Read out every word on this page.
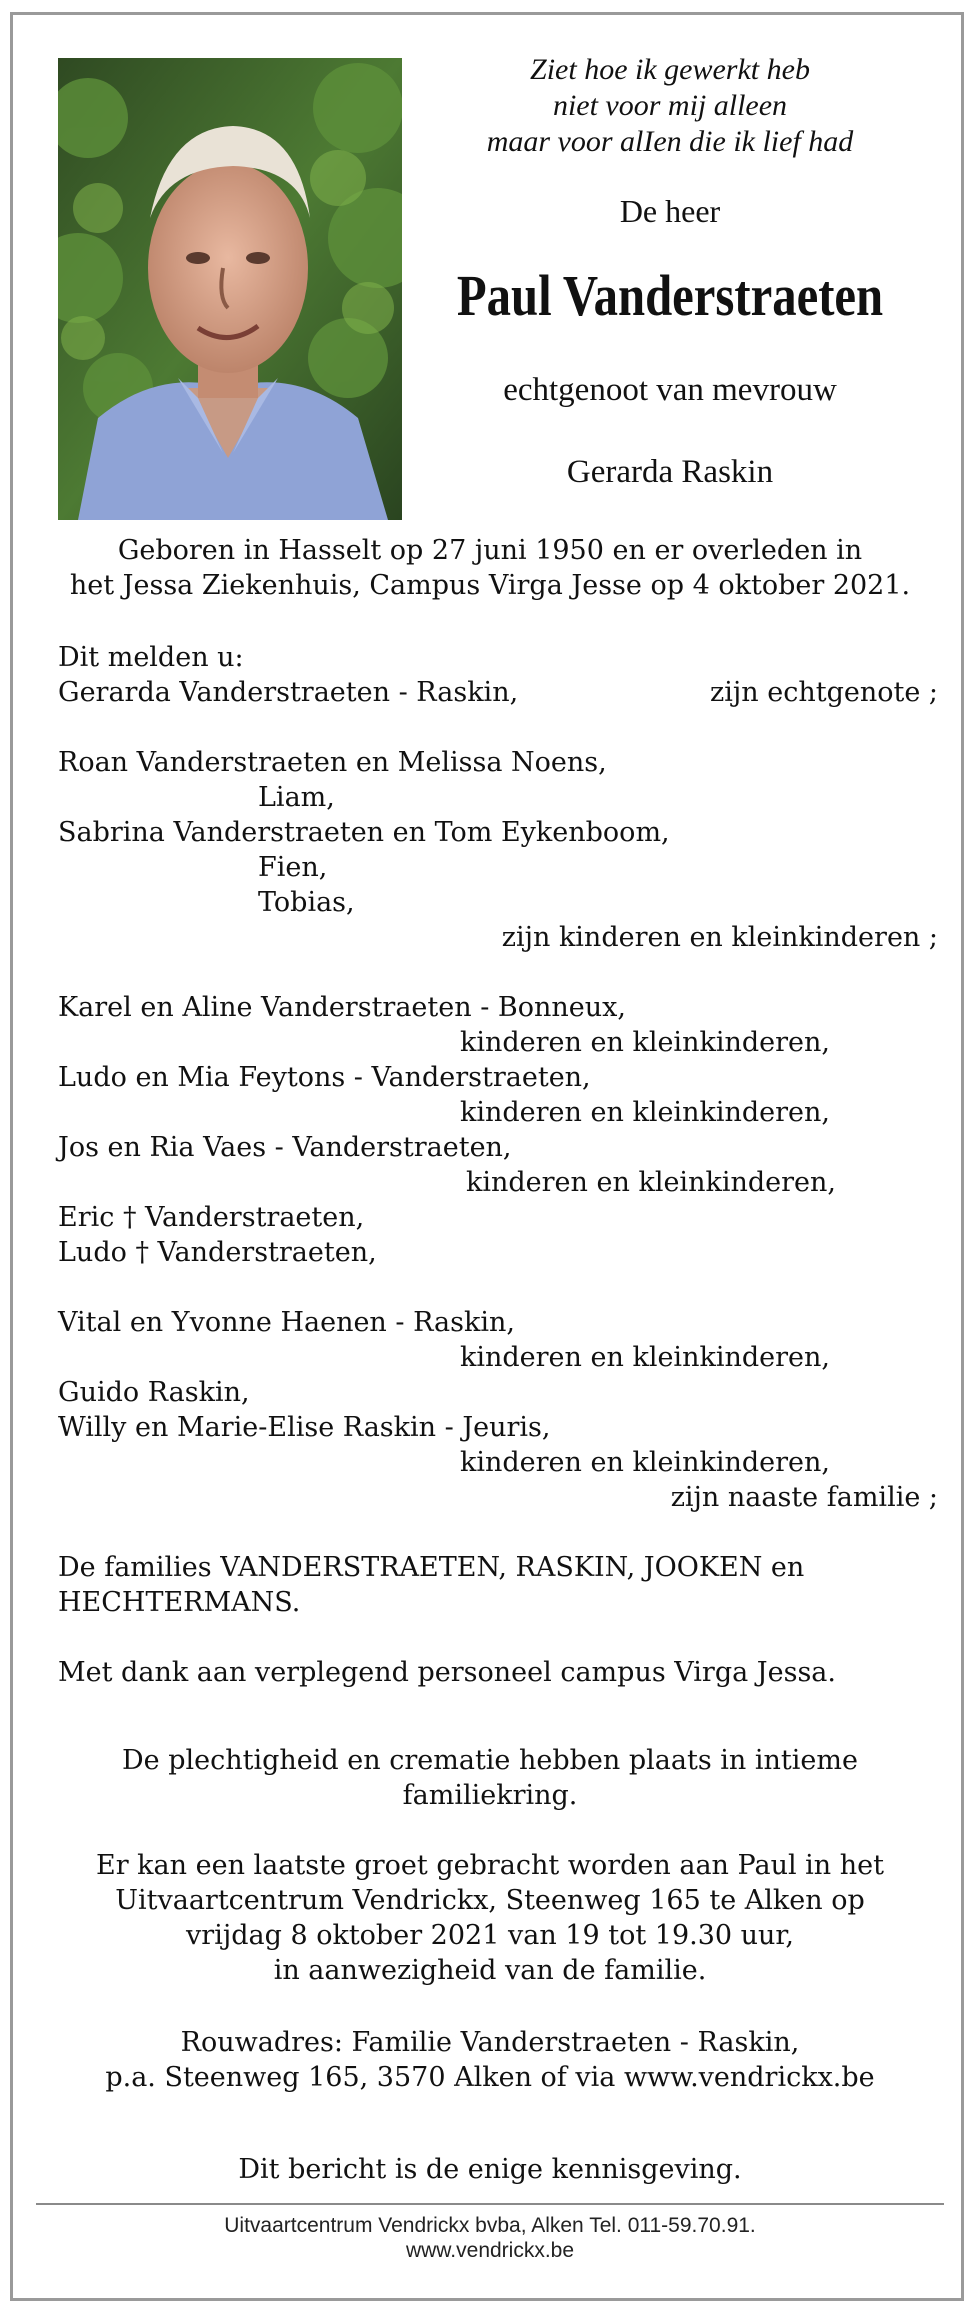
Ziet hoe ik gewerkt heb
niet voor mij alleen
maar voor alIen die ik lief had
De heer
Paul Vanderstraeten
echtgenoot van mevrouw
Gerarda Raskin
Geboren in Hasselt op 27 juni 1950 en er overleden in
het Jessa Ziekenhuis, Campus Virga Jesse op 4 oktober 2021.
Dit melden u:
Gerarda Vanderstraeten - Raskin,	zijn echtgenote ;
Roan Vanderstraeten en Melissa Noens,
Liam,
Sabrina Vanderstraeten en Tom Eykenboom,
Fien,
Tobias,
zijn kinderen en kleinkinderen ;
Karel en Aline Vanderstraeten - Bonneux,
kinderen en kleinkinderen,
Ludo en Mia Feytons - Vanderstraeten,
kinderen en kleinkinderen,
Jos en Ria Vaes - Vanderstraeten,
kinderen en kleinkinderen,
Eric † Vanderstraeten,
Ludo † Vanderstraeten,
Vital en Yvonne Haenen - Raskin,
kinderen en kleinkinderen,
Guido Raskin,
Willy en Marie-Elise Raskin - Jeuris,
kinderen en kleinkinderen,
zijn naaste familie ;
De families VANDERSTRAETEN, RASKIN, JOOKEN en
HECHTERMANS.
Met dank aan verplegend personeel campus Virga Jessa.
De plechtigheid en crematie hebben plaats in intieme
familiekring.
Er kan een laatste groet gebracht worden aan Paul in het
Uitvaartcentrum Vendrickx, Steenweg 165 te Alken op
vrijdag 8 oktober 2021 van 19 tot 19.30 uur,
in aanwezigheid van de familie.
Rouwadres: Familie Vanderstraeten - Raskin,
p.a. Steenweg 165, 3570 Alken of via www.vendrickx.be
Dit bericht is de enige kennisgeving.
Uitvaartcentrum Vendrickx bvba, Alken Tel. 011-59.70.91.
www.vendrickx.be
